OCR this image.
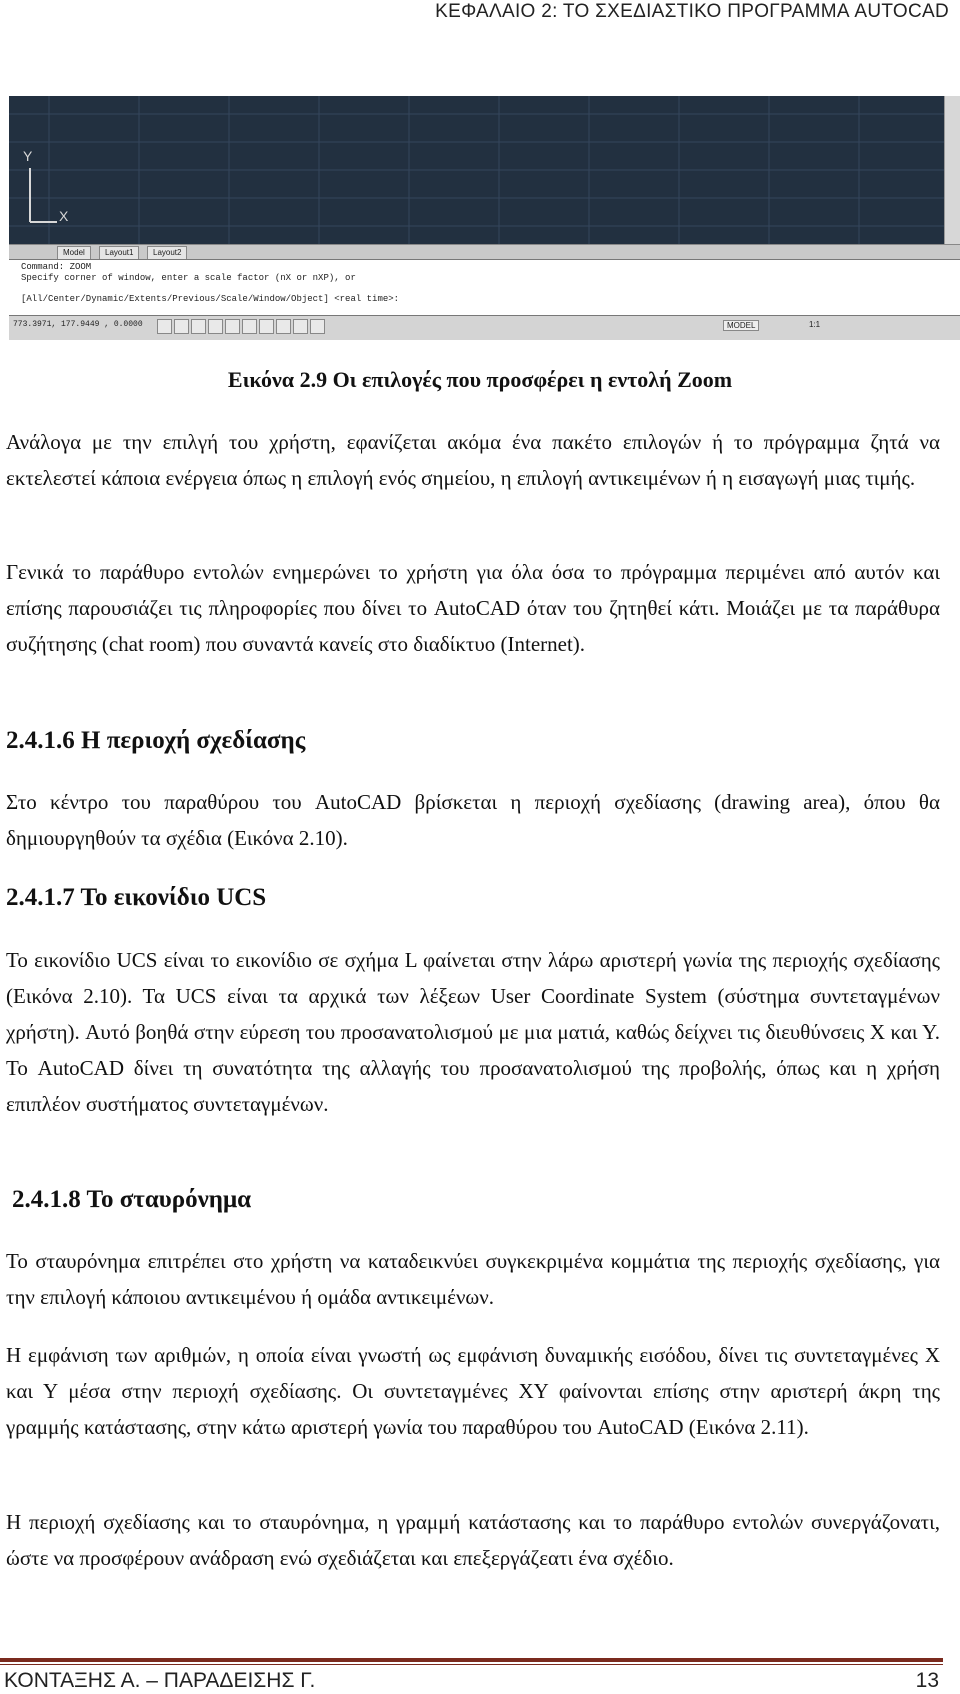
ΚΕΦΑΛΑΙΟ 2: ΤΟ ΣΧΕΔΙΑΣΤΙΚΟ ΠΡΟΓΡΑΜΜΑ AUTOCAD
Y
X
Model	Layout1	Layout2
Command: ZOOM
Specify corner of window, enter a scale factor (nX or nXP), or
[All/Center/Dynamic/Extents/Previous/Scale/Window/Object] <real time>:
773.3971, 177.9449 , 0.0000	MODEL	1:1
Εικόνα 2.9 Οι επιλογές που προσφέρει η εντολή Zoom
Ανάλογα με την επιλγή του χρήστη, εφανίζεται ακόμα ένα πακέτο επιλογών ή το πρόγραμμα ζητά να εκτελεστεί κάποια ενέργεια όπως η επιλογή ενός σημείου, η επιλογή αντικειμένων ή η εισαγωγή μιας τιμής.
Γενικά το παράθυρο εντολών ενημερώνει το χρήστη για όλα όσα το πρόγραμμα περιμένει από αυτόν και επίσης παρουσιάζει τις πληροφορίες που δίνει το AutoCAD όταν του ζητηθεί κάτι. Μοιάζει με τα παράθυρα συζήτησης (chat room) που συναντά κανείς στο διαδίκτυο (Internet).
2.4.1.6 Η περιοχή σχεδίασης
Στο κέντρο του παραθύρου του AutoCAD βρίσκεται η περιοχή σχεδίασης (drawing area), όπου θα δημιουργηθούν τα σχέδια (Εικόνα 2.10).
2.4.1.7 Το εικονίδιο UCS
Το εικονίδιο UCS είναι το εικονίδιο σε σχήμα L φαίνεται στην λάρω αριστερή γωνία της περιοχής σχεδίασης (Εικόνα 2.10). Τα UCS είναι τα αρχικά των λέξεων User Coordinate System (σύστημα συντεταγμένων χρήστη). Αυτό βοηθά στην εύρεση του προσανατολισμού με μια ματιά, καθώς δείχνει τις διευθύνσεις Χ και Υ. Το AutoCAD δίνει τη συνατότητα της αλλαγής του προσανατολισμού της προβολής, όπως και η χρήση επιπλέον συστήματος συντεταγμένων.
2.4.1.8 Το σταυρόνημα
Το σταυρόνημα επιτρέπει στο χρήστη να καταδεικνύει συγκεκριμένα κομμάτια της περιοχής σχεδίασης, για την επιλογή κάποιου αντικειμένου ή ομάδα αντικειμένων.
Η εμφάνιση των αριθμών, η οποία είναι γνωστή ως εμφάνιση δυναμικής εισόδου, δίνει τις συντεταγμένες Χ και Υ μέσα στην περιοχή σχεδίασης. Οι συντεταγμένες ΧΥ φαίνονται επίσης στην αριστερή άκρη της γραμμής κατάστασης, στην κάτω αριστερή γωνία του παραθύρου του AutoCAD (Εικόνα 2.11).
Η περιοχή σχεδίασης και το σταυρόνημα, η γραμμή κατάστασης και το παράθυρο εντολών συνεργάζονατι, ώστε να προσφέρουν ανάδραση ενώ σχεδιάζεται και επεξεργάζεατι ένα σχέδιο.
ΚΟΝΤΑΞΗΣ Α. – ΠΑΡΑΔΕΙΣΗΣ Γ.	13
